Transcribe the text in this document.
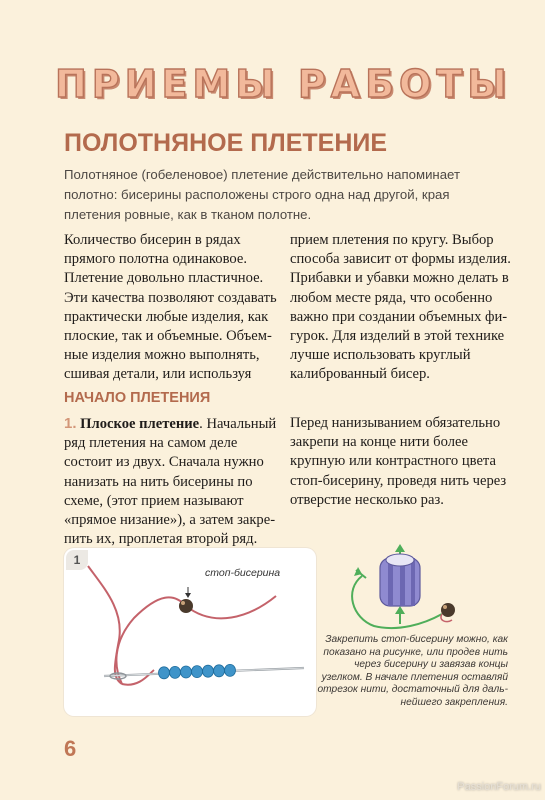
ПРИЕМЫ РАБОТЫ
ПОЛОТНЯНОЕ ПЛЕТЕНИЕ
Полотняное (гобеленовое) плетение действительно напоминает полотно: бисерины расположены строго одна над другой, края плетения ровные, как в тканом полотне.
Количество бисерин в рядах прямого полотна одинаковое. Плетение довольно пластичное. Эти качества позволяют создавать практически любые изделия, как плоские, так и объемные. Объемные изделия можно выполнять, сшивая детали, или используя
прием плетения по кругу. Выбор способа зависит от формы изделия. Прибавки и убавки можно делать в любом месте ряда, что особенно важно при создании объемных фигурок. Для изделий в этой технике лучше использовать круглый калиброванный бисер.
НАЧАЛО ПЛЕТЕНИЯ
1. Плоское плетение. Начальный ряд плетения на самом деле состоит из двух. Сначала нужно нанизать на нить бисерины по схеме, (этот прием называют «прямое низание»), а затем закрепить их, проплетая второй ряд.
Перед нанизыванием обязательно закрепи на конце нити более крупную или контрастного цвета стоп-бисерину, проведя нить через отверстие несколько раз.
1
стоп-бисерина
Закрепить стоп-биcерину можно, как показано на рисунке, или продев нить через бисерину и завязав концы узелком. В начале плетения оставляй отрезок нити, достаточный для дальнейшего закрепления.
6
PassionForum.ru
